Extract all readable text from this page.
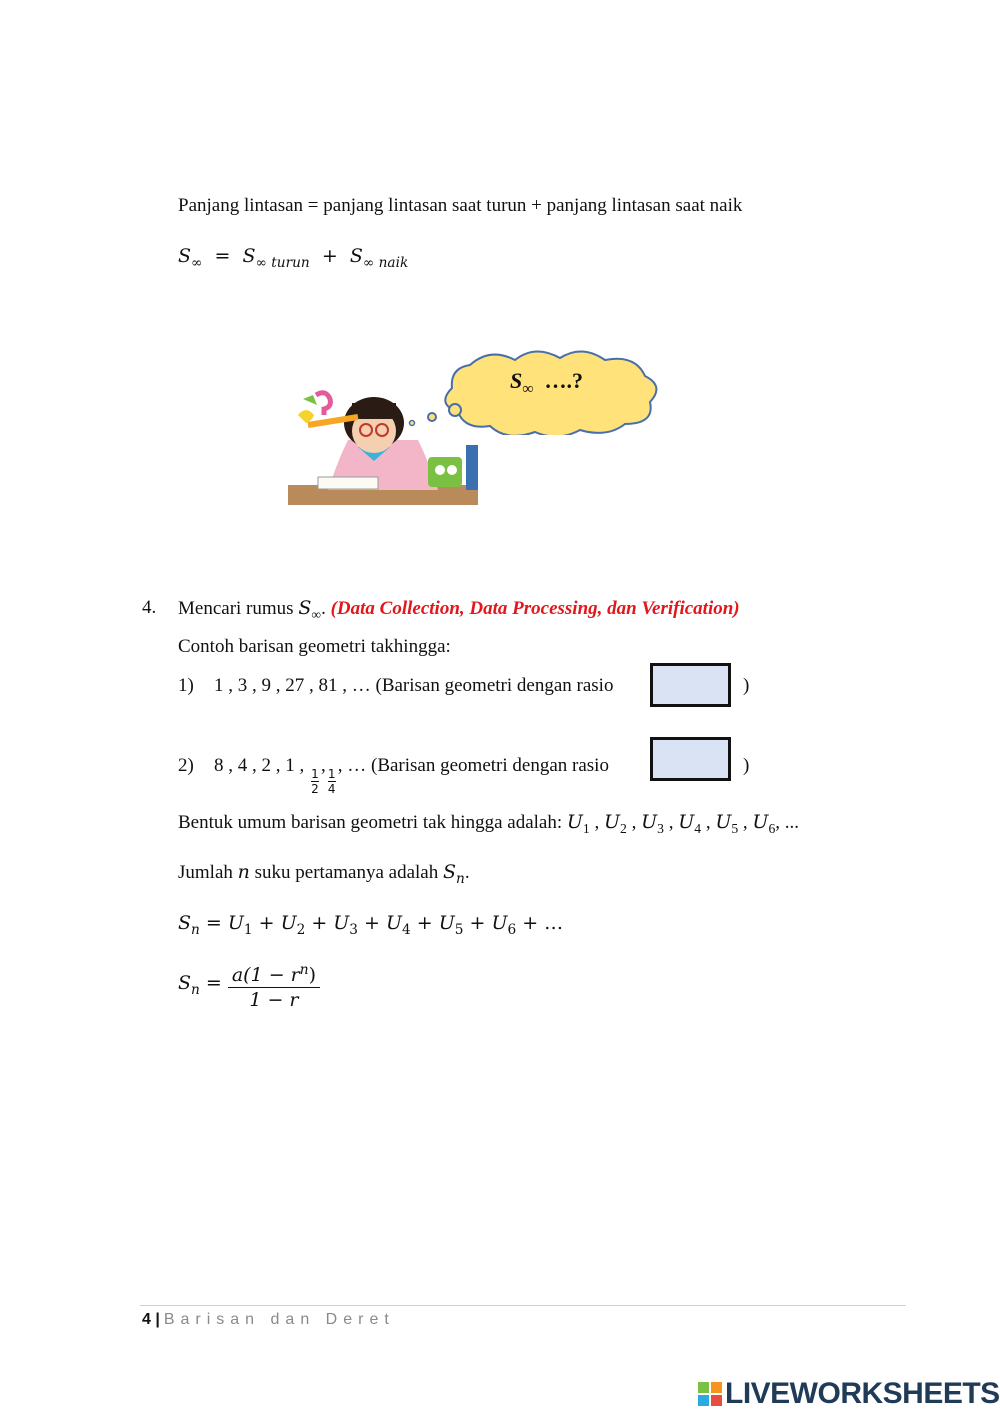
Panjang lintasan = panjang lintasan saat turun + panjang lintasan saat naik
$S_\infty = S_{\infty turun} + S_{\infty naik}$
$S_\infty$ ….?
4. Mencari rumus $S_\infty$. (Data Collection, Data Processing, dan Verification)
Contoh barisan geometri takhingga:
1) 1 , 3 , 9 , 27 , 81 , … (Barisan geometri dengan rasio	)
2) 8 , 4 , 2 , 1 ,
$\frac{1}{2}$
,
$\frac{1}{4}$
, … (Barisan geometri dengan rasio	)
Bentuk umum barisan geometri tak hingga adalah: $U_1$ , $U_2$ , $U_3$ , $U_4$ , $U_5$ , $U_6$, ...
Jumlah n suku pertamanya adalah $S_n$.
$S_n = U_1 + U_2 + U_3 + U_4 + U_5 + U_6$ + …
$S_n = \frac{a(1 - r^n)}{1 - r}$
4 | Barisan dan Deret
LIVEWORKSHEETS
